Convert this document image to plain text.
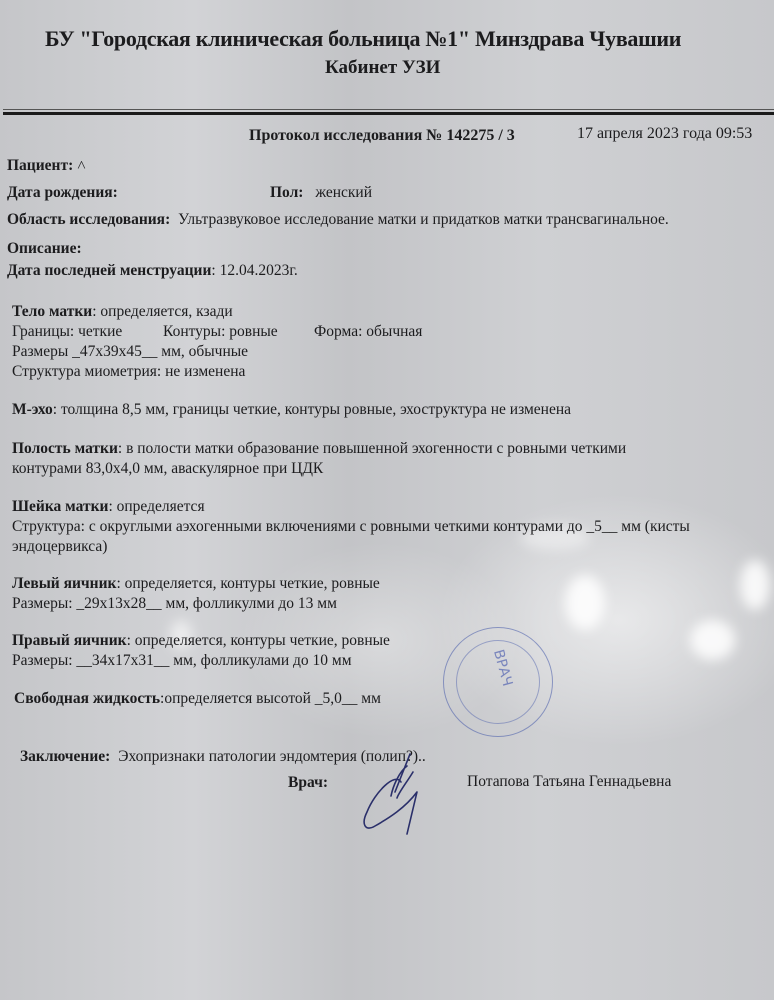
БУ "Городская клиническая больница №1" Минздрава Чувашии
Кабинет УЗИ
Протокол исследования № 142275 / 3	17 апреля 2023 года 09:53
Пациент: ˄
Дата рождения:	Пол: женский
Область исследования: Ультразвуковое исследование матки и придатков матки трансвагинальное.
Описание:
Дата последней менструации: 12.04.2023г.
Тело матки: определяется, кзади
Границы: четкие	Контуры: ровные Форма: обычная
Размеры _47x39x45__ мм, обычные
Структура миометрия: не изменена
М-эхо: толщина 8,5 мм, границы четкие, контуры ровные, эхоструктура не изменена
Полость матки: в полости матки образование повышенной эхогенности с ровными четкими
контурами 83,0x4,0 мм, аваскулярное при ЦДК
Шейка матки: определяется
Структура: с округлыми аэхогенными включениями с ровными четкими контурами до _5__ мм (кисты
эндоцервикса)
Левый яичник: определяется, контуры четкие, ровные
Размеры: _29x13x28__ мм, фолликулми до 13 мм
Правый яичник: определяется, контуры четкие, ровные
Размеры: __34x17x31__ мм, фолликулами до 10 мм
Свободная жидкость:определяется высотой _5,0__ мм
ВРАЧ
Заключение: Эхопризнаки патологии эндомтерия (полип?)..
Врач:	Потапова Татьяна Геннадьевна
